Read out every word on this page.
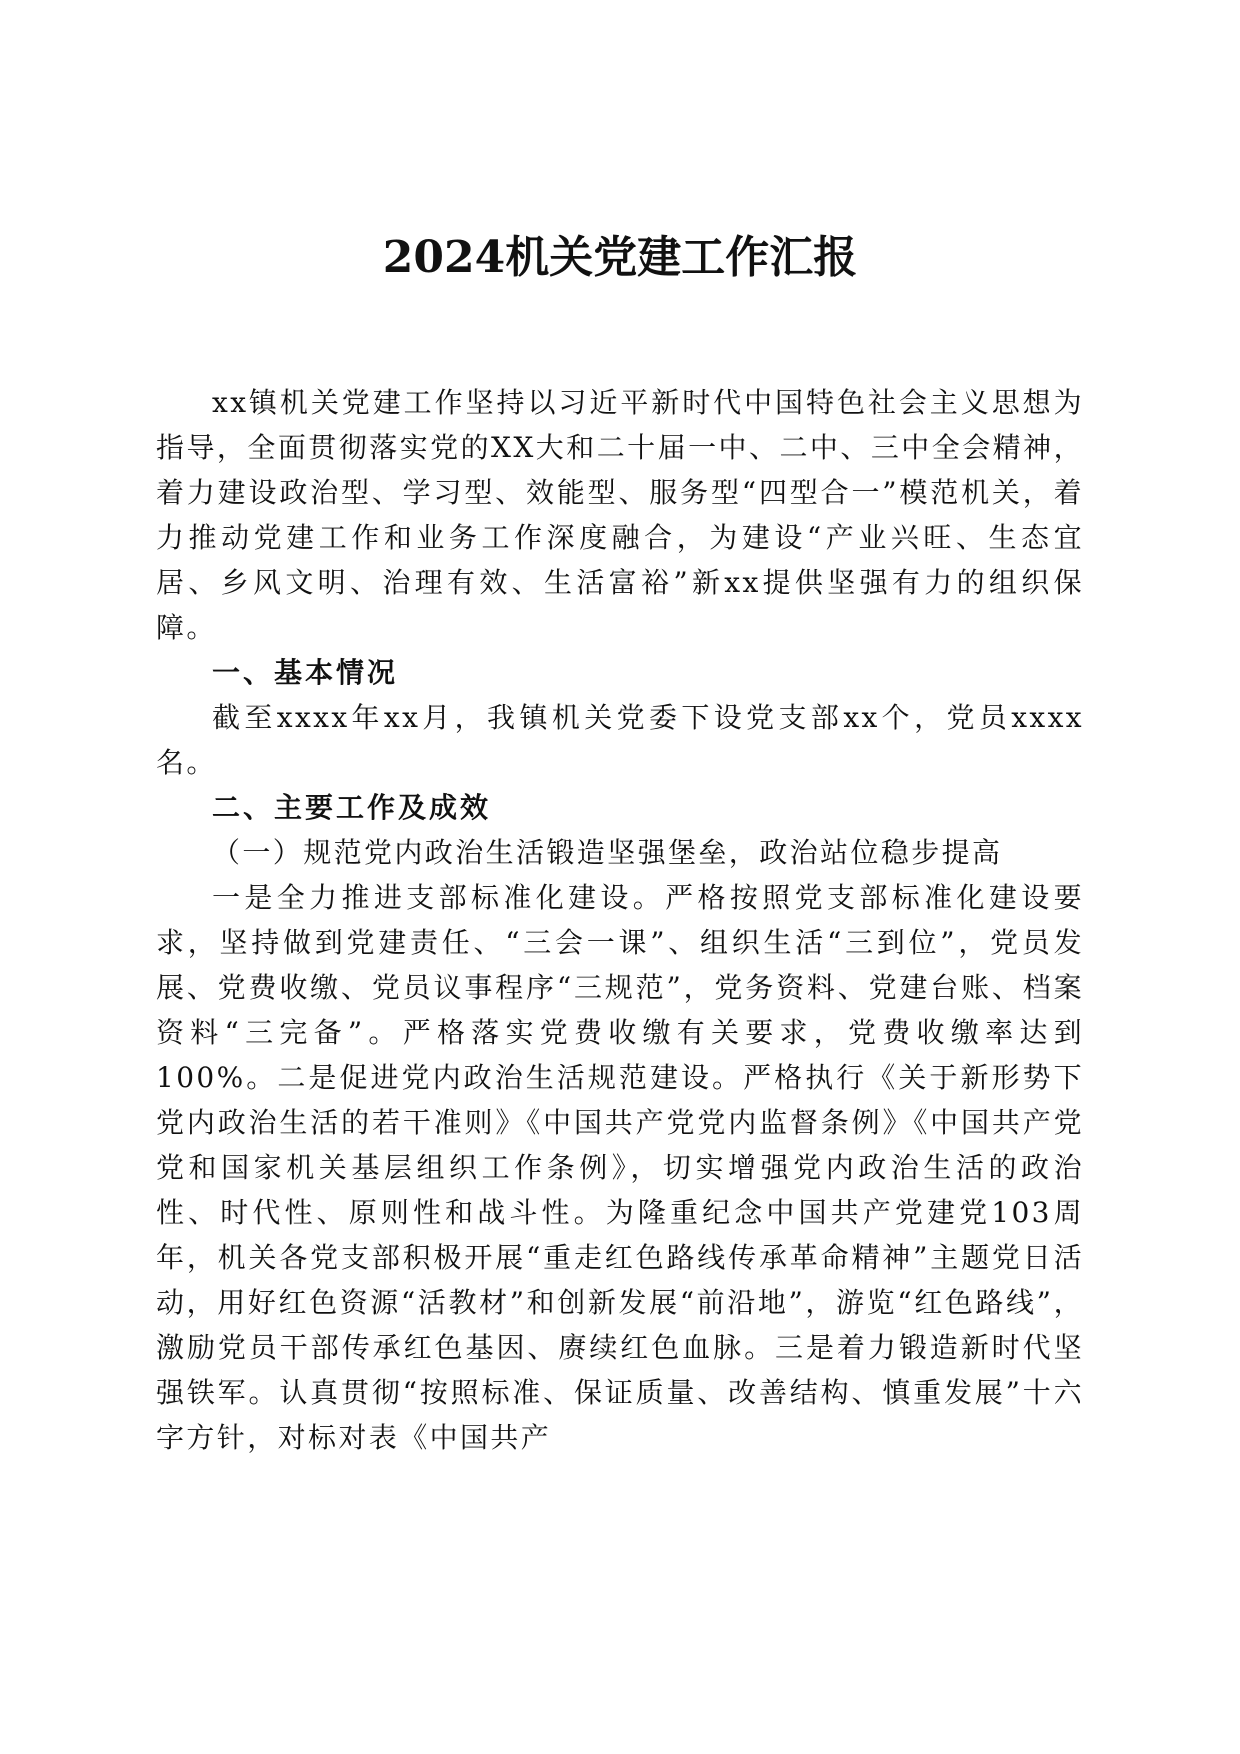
2024机关党建工作汇报

xx镇机关党建工作坚持以习近平新时代中国特色社会主义思想为指导，全面贯彻落实党的XX大和二十届一中、二中、三中全会精神，着力建设政治型、学习型、效能型、服务型“四型合一”模范机关，着力推动党建工作和业务工作深度融合，为建设“产业兴旺、生态宜居、乡风文明、治理有效、生活富裕”新xx提供坚强有力的组织保障。

一、基本情况

截至xxxx年xx月，我镇机关党委下设党支部xx个，党员xxxx名。

二、主要工作及成效

（一）规范党内政治生活锻造坚强堡垒，政治站位稳步提高

一是全力推进支部标准化建设。严格按照党支部标准化建设要求，坚持做到党建责任、“三会一课”、组织生活“三到位”，党员发展、党费收缴、党员议事程序“三规范”，党务资料、党建台账、档案资料“三完备”。严格落实党费收缴有关要求，党费收缴率达到100%。二是促进党内政治生活规范建设。严格执行《关于新形势下党内政治生活的若干准则》《中国共产党党内监督条例》《中国共产党党和国家机关基层组织工作条例》，切实增强党内政治生活的政治性、时代性、原则性和战斗性。为隆重纪念中国共产党建党103周年，机关各党支部积极开展“重走红色路线传承革命精神”主题党日活动，用好红色资源“活教材”和创新发展“前沿地”，游览“红色路线”，激励党员干部传承红色基因、赓续红色血脉。三是着力锻造新时代坚强铁军。认真贯彻“按照标准、保证质量、改善结构、慎重发展”十六字方针，对标对表《中国共产
